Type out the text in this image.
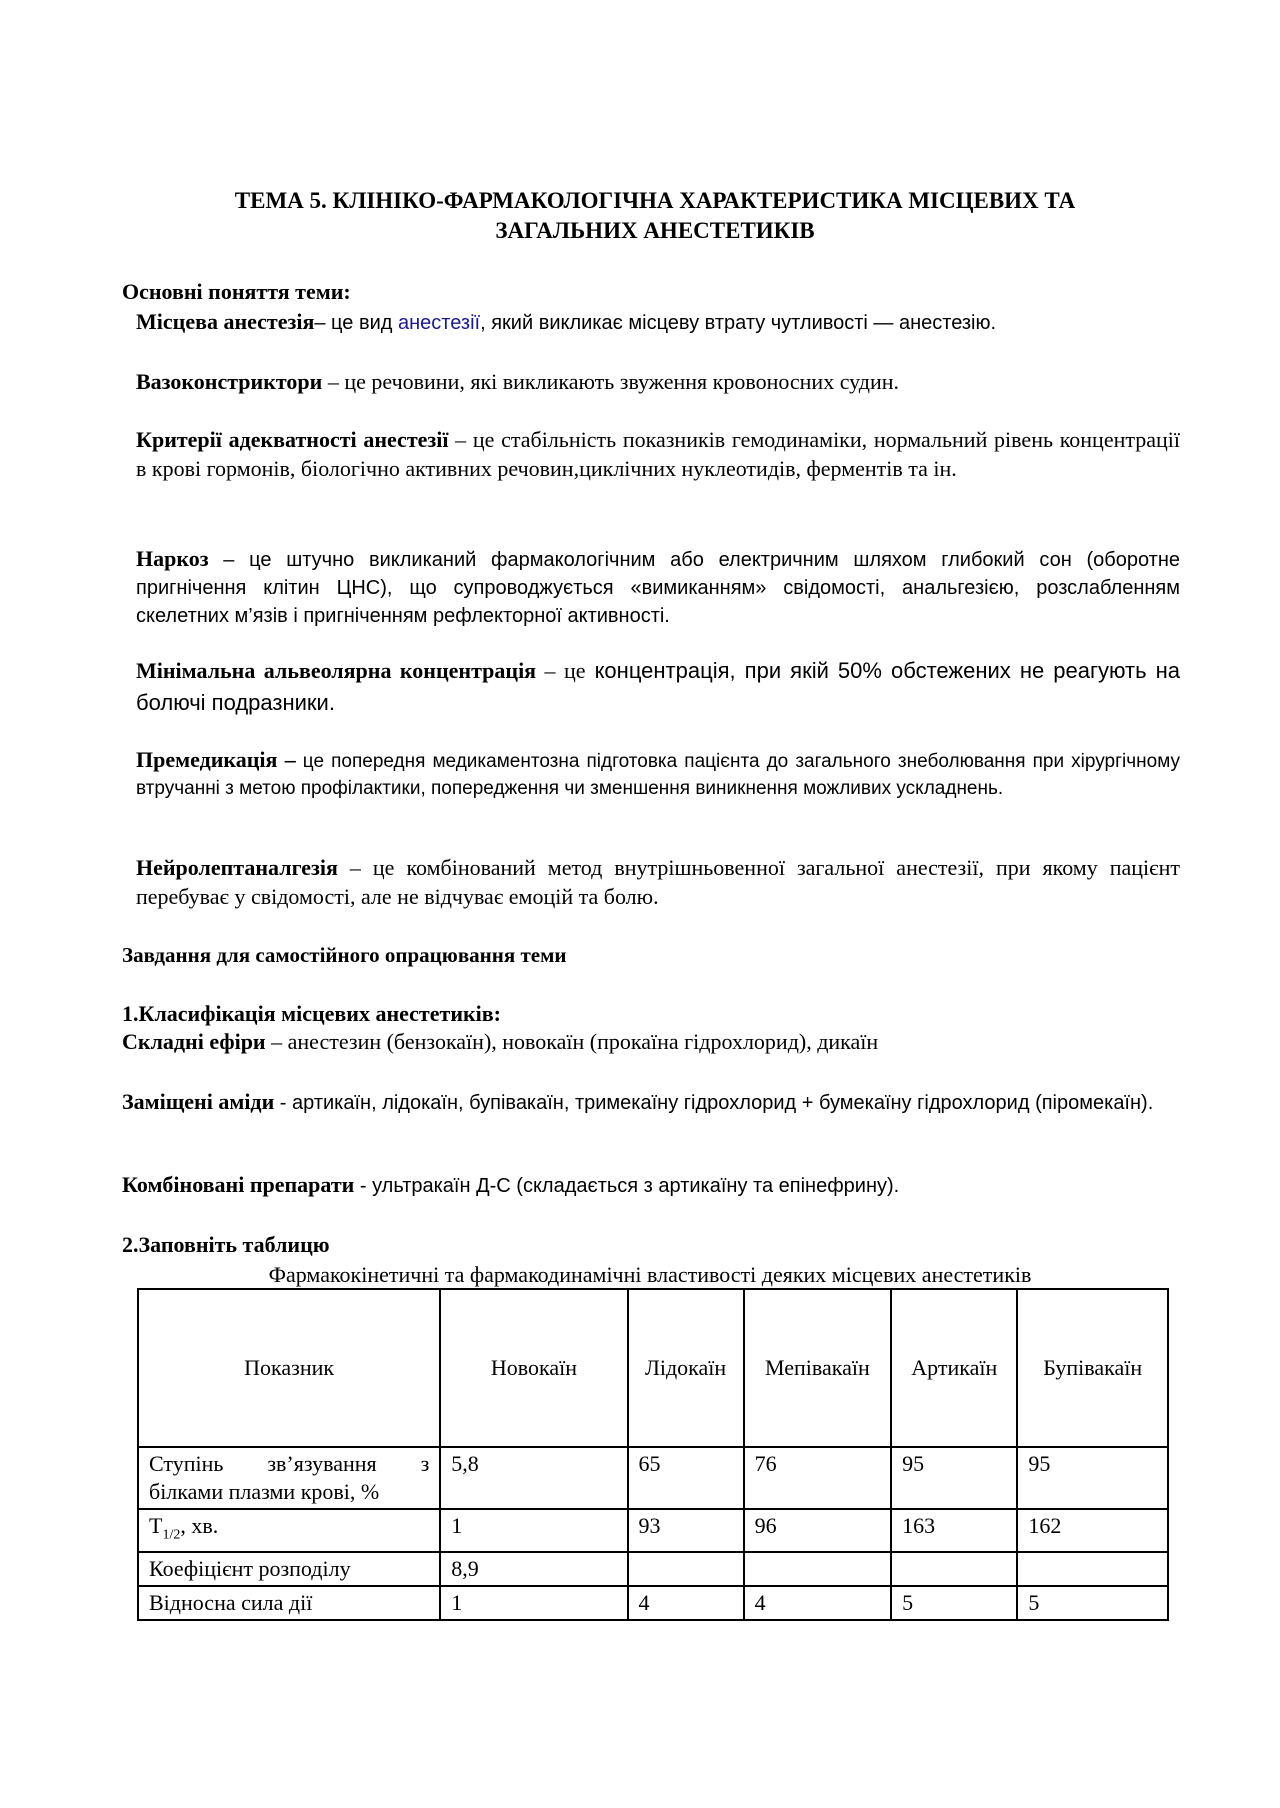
ТЕМА 5. КЛІНІКО-ФАРМАКОЛОГІЧНА ХАРАКТЕРИСТИКА МІСЦЕВИХ ТА
ЗАГАЛЬНИХ АНЕСТЕТИКІВ
Основні поняття теми:
Місцева анестезія– це вид анестезії, який викликає місцеву втрату чутливості — анестезію.
Вазоконстриктори – це речовини, які викликають звуження кровоносних судин.
Критерії адекватності анестезії – це стабільність показників гемодинаміки, нормальний рівень концентрації в крові гормонів, біологічно активних речовин,циклічних нуклеотидів, ферментів та ін.
Наркоз – це штучно викликаний фармакологічним або електричним шляхом глибокий сон (оборотне пригнічення клітин ЦНС), що супроводжується «вимиканням» свідомості, анальгезією, розслабленням скелетних м’язів і пригніченням рефлекторної активності.
Мінімальна альвеолярна концентрація – це концентрація, при якій 50% обстежених не реагують на болючі подразники.
Премедикація – це попередня медикаментозна підготовка пацієнта до загального знеболювання при хірургічному втручанні з метою профілактики, попередження чи зменшення виникнення можливих ускладнень.
Нейролептаналгезія – це комбінований метод внутрішньовенної загальної анестезії, при якому пацієнт перебуває у свідомості, але не відчуває емоцій та болю.
Завдання для самостійного опрацювання теми
1.Класифікація місцевих анестетиків:
Складні ефіри – анестезин (бензокаїн), новокаїн (прокаїна гідрохлорид), дикаїн
Заміщені аміди - артикаїн, лідокаїн, бупівакаїн, тримекаїну гідрохлорид + бумекаїну гідрохлорид (піромекаїн).
Комбіновані препарати - ультракаїн Д-С (складається з артикаїну та епінефрину).
2.Заповніть таблицю
Фармакокінетичні та фармакодинамічні властивості деяких місцевих анестетиків
Показник	Новокаїн	Лідокаїн	Мепівакаїн	Артикаїн	Бупівакаїн
Ступінь зв’язування з білками плазми крові, %	5,8	65	76	95	95
$T_{1/2}$, хв.	1	93	96	163	162
Коефіцієнт розподілу	8,9				
Відносна сила дії	1	4	4	5	5
